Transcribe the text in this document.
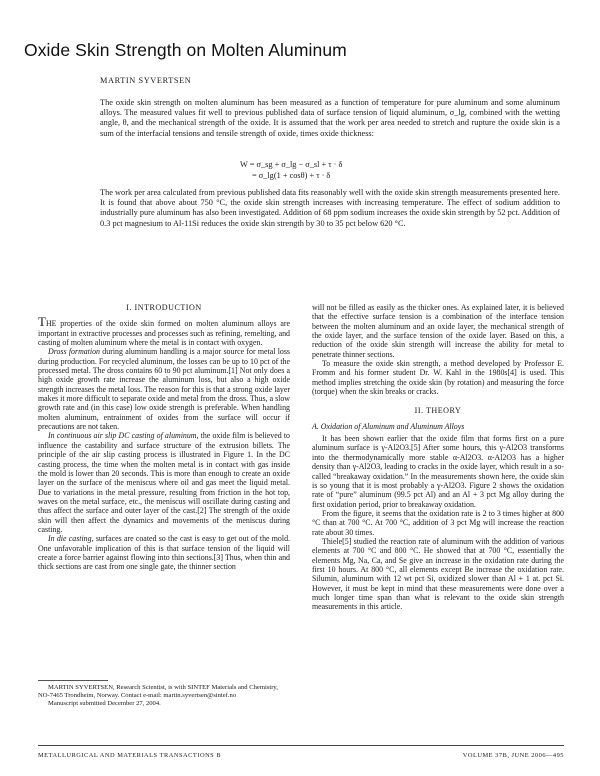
Oxide Skin Strength on Molten Aluminum
MARTIN SYVERTSEN

The oxide skin strength on molten aluminum has been measured as a function of temperature for pure aluminum and some aluminum alloys. The measured values fit well to previous published data of surface tension of liquid aluminum, σ_lg, combined with the wetting angle, θ, and the mechanical strength of the oxide. It is assumed that the work per area needed to stretch and rupture the oxide skin is a sum of the interfacial tensions and tensile strength of oxide, times oxide thickness:

W = σ_sg + σ_lg − σ_sl + τ · δ
= σ_lg(1 + cosθ) + τ · δ

The work per area calculated from previous published data fits reasonably well with the oxide skin strength measurements presented here. It is found that above about 750 °C, the oxide skin strength increases with increasing temperature. The effect of sodium addition to industrially pure aluminum has also been investigated. Addition of 68 ppm sodium increases the oxide skin strength by 52 pct. Addition of 0.3 pct magnesium to Al-11Si reduces the oxide skin strength by 30 to 35 pct below 620 °C.

I. INTRODUCTION

THE properties of the oxide skin formed on molten aluminum alloys are important in extractive processes and processes such as refining, remelting, and casting of molten aluminum where the metal is in contact with oxygen.

Dross formation during aluminum handling is a major source for metal loss during production. For recycled aluminum, the losses can be up to 10 pct of the processed metal. The dross contains 60 to 90 pct aluminum.[1] Not only does a high oxide growth rate increase the aluminum loss, but also a high oxide strength increases the metal loss. The reason for this is that a strong oxide layer makes it more difficult to separate oxide and metal from the dross. Thus, a slow growth rate and (in this case) low oxide strength is preferable. When handling molten aluminum, entrainment of oxides from the surface will occur if precautions are not taken.

In continuous air slip DC casting of aluminum, the oxide film is believed to influence the castability and surface structure of the extrusion billets. The principle of the air slip casting process is illustrated in Figure 1. In the DC casting process, the time when the molten metal is in contact with gas inside the mold is lower than 20 seconds. This is more than enough to create an oxide layer on the surface of the meniscus where oil and gas meet the liquid metal. Due to variations in the metal pressure, resulting from friction in the hot top, waves on the metal surface, etc., the meniscus will oscillate during casting and thus affect the surface and outer layer of the cast.[2] The strength of the oxide skin will then affect the dynamics and movements of the meniscus during casting.

In die casting, surfaces are coated so the cast is easy to get out of the mold. One unfavorable implication of this is that surface tension of the liquid will create a force barrier against flowing into thin sections.[3] Thus, when thin and thick sections are cast from one single gate, the thinner section

will not be filled as easily as the thicker ones. As explained later, it is believed that the effective surface tension is a combination of the interface tension between the molten aluminum and an oxide layer, the mechanical strength of the oxide layer, and the surface tension of the oxide layer. Based on this, a reduction of the oxide skin strength will increase the ability for metal to penetrate thinner sections.

To measure the oxide skin strength, a method developed by Professor E. Fromm and his former student Dr. W. Kahl in the 1980s[4] is used. This method implies stretching the oxide skin (by rotation) and measuring the force (torque) when the skin breaks or cracks.

II. THEORY
A. Oxidation of Aluminum and Aluminum Alloys

It has been shown earlier that the oxide film that forms first on a pure aluminum surface is γ-Al2O3.[5] After some hours, this γ-Al2O3 transforms into the thermodynamically more stable α-Al2O3. α-Al2O3 has a higher density than γ-Al2O3, leading to cracks in the oxide layer, which result in a so-called “breakaway oxidation.” In the measurements shown here, the oxide skin is so young that it is most probably a γ-Al2O3. Figure 2 shows the oxidation rate of “pure” aluminum (99.5 pct Al) and an Al + 3 pct Mg alloy during the first oxidation period, prior to breakaway oxidation.

From the figure, it seems that the oxidation rate is 2 to 3 times higher at 800 °C than at 700 °C. At 700 °C, addition of 3 pct Mg will increase the reaction rate about 30 times.

Thiele[5] studied the reaction rate of aluminum with the addition of various elements at 700 °C and 800 °C. He showed that at 700 °C, essentially the elements Mg, Na, Ca, and Se give an increase in the oxidation rate during the first 10 hours. At 800 °C, all elements except Be increase the oxidation rate. Silumin, aluminum with 12 wt pct Si, oxidized slower than Al + 1 at. pct Si. However, it must be kept in mind that these measurements were done over a much longer time span than what is relevant to the oxide skin strength measurements in this article.

MARTIN SYVERTSEN, Research Scientist, is with SINTEF Materials and Chemistry, NO-7465 Trondheim, Norway. Contact e-mail: martin.syvertsen@sintef.no

Manuscript submitted December 27, 2004.

METALLURGICAL AND MATERIALS TRANSACTIONS B	VOLUME 37B, JUNE 2006—495
